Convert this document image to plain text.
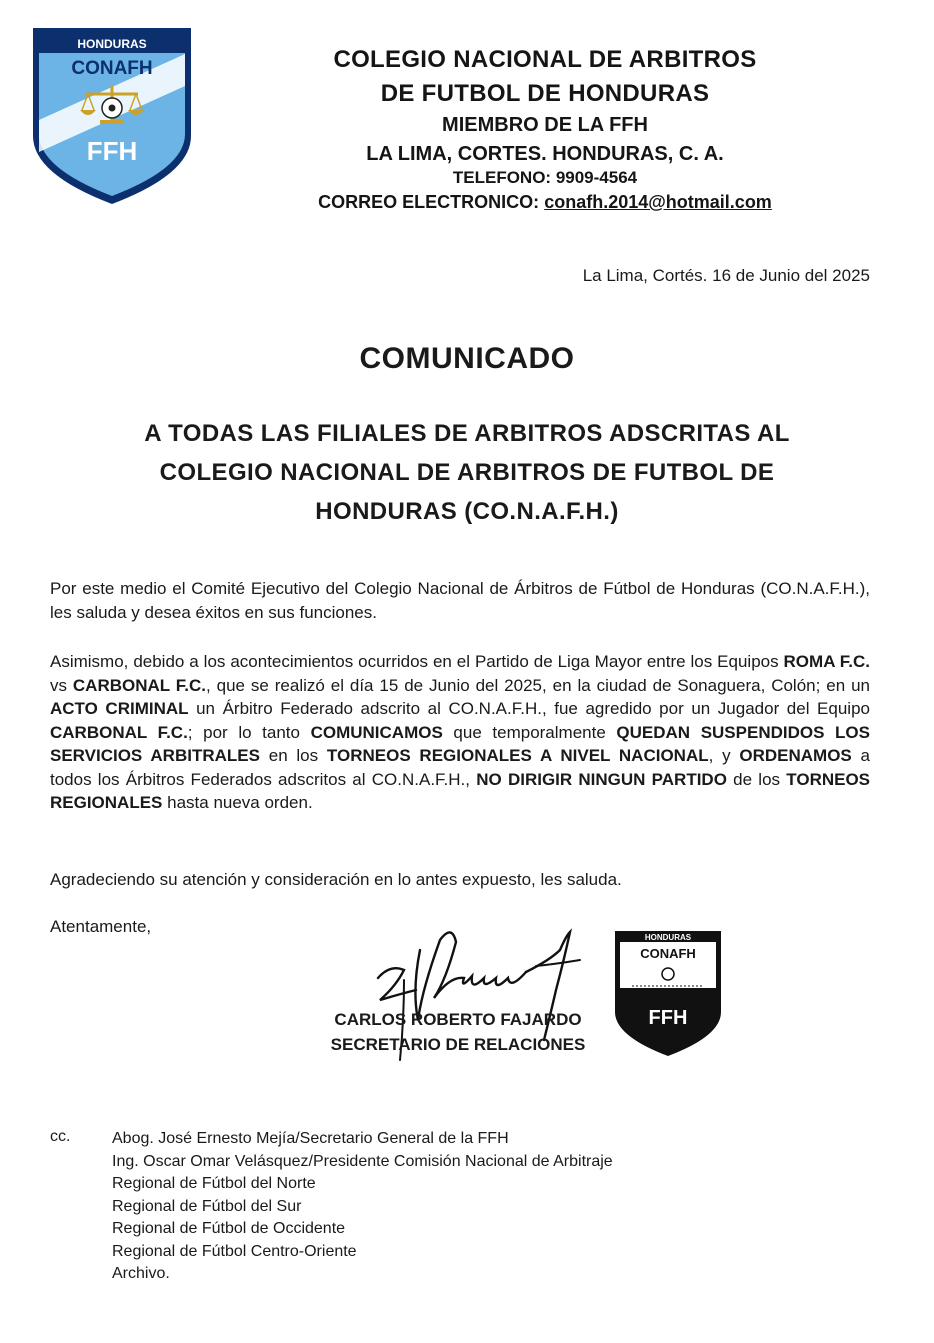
HONDURAS
CONAFH
FFH
COLEGIO NACIONAL DE ARBITROS
DE FUTBOL DE HONDURAS
MIEMBRO DE LA FFH
LA LIMA, CORTES. HONDURAS, C. A.
TELEFONO: 9909-4564
CORREO ELECTRONICO: conafh.2014@hotmail.com
La Lima, Cortés. 16 de Junio del 2025
COMUNICADO
A TODAS LAS FILIALES DE ARBITROS ADSCRITAS AL
COLEGIO NACIONAL DE ARBITROS DE FUTBOL DE
HONDURAS (CO.N.A.F.H.)
Por este medio el Comité Ejecutivo del Colegio Nacional de Árbitros de Fútbol de Honduras (CO.N.A.F.H.), les saluda y desea éxitos en sus funciones.
Asimismo, debido a los acontecimientos ocurridos en el Partido de Liga Mayor entre los Equipos ROMA F.C. vs CARBONAL F.C., que se realizó el día 15 de Junio del 2025, en la ciudad de Sonaguera, Colón; en un ACTO CRIMINAL un Árbitro Federado adscrito al CO.N.A.F.H., fue agredido por un Jugador del Equipo CARBONAL F.C.; por lo tanto COMUNICAMOS que temporalmente QUEDAN SUSPENDIDOS LOS SERVICIOS ARBITRALES en los TORNEOS REGIONALES A NIVEL NACIONAL, y ORDENAMOS a todos los Árbitros Federados adscritos al CO.N.A.F.H., NO DIRIGIR NINGUN PARTIDO de los TORNEOS REGIONALES hasta nueva orden.
Agradeciendo su atención y consideración en lo antes expuesto, les saluda.
Atentamente,
CARLOS ROBERTO FAJARDO
SECRETARIO DE RELACIONES
HONDURAS
CONAFH
FFH
cc.	Abog. José Ernesto Mejía/Secretario General de la FFH
Ing. Oscar Omar Velásquez/Presidente Comisión Nacional de Arbitraje
Regional de Fútbol del Norte
Regional de Fútbol del Sur
Regional de Fútbol de Occidente
Regional de Fútbol Centro-Oriente
Archivo.
